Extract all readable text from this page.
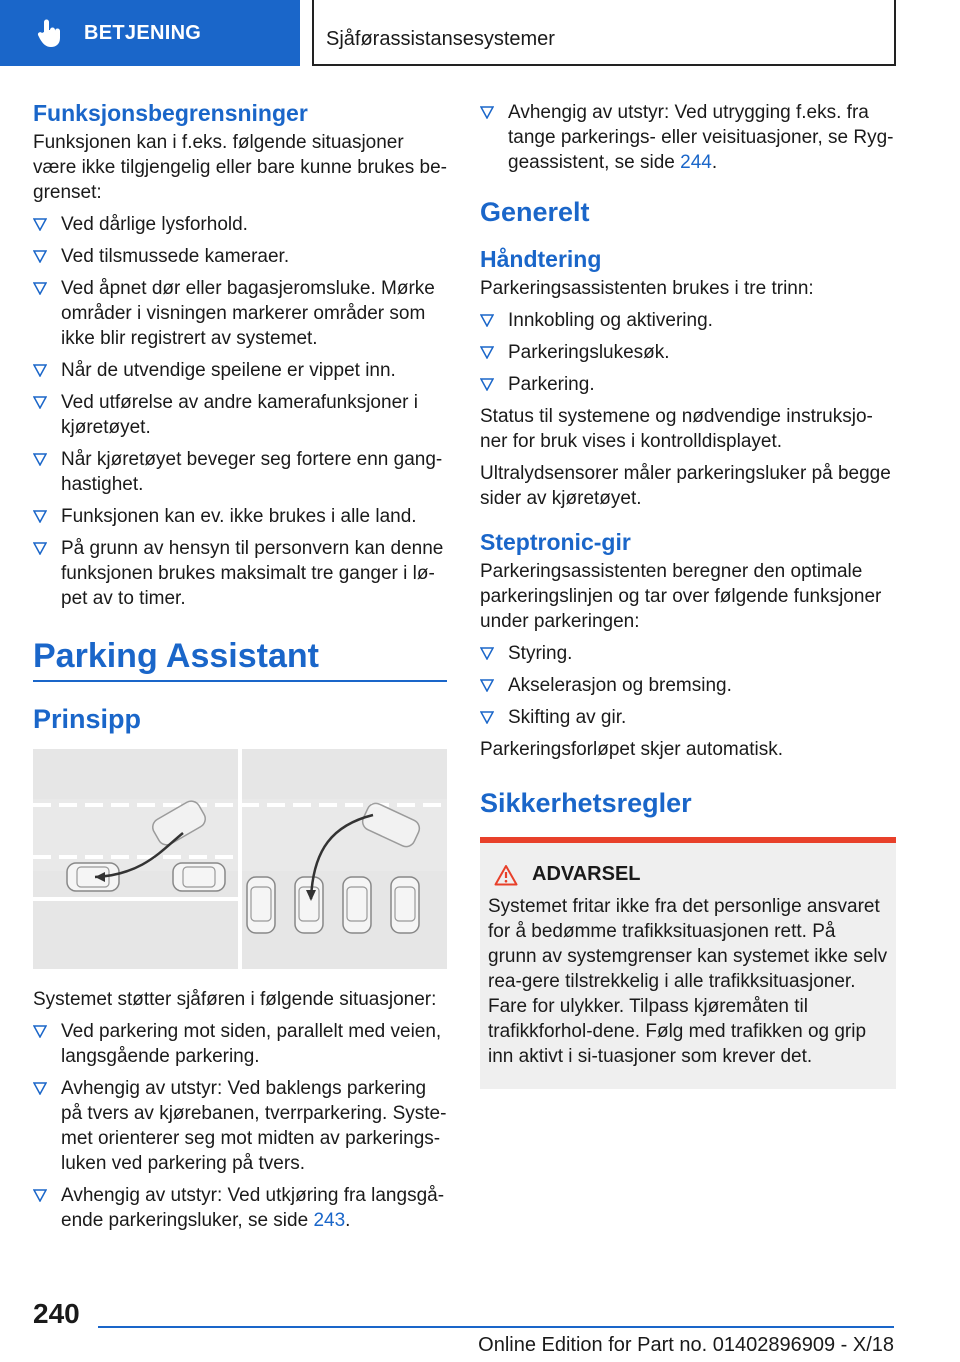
BETJENING	Sjåførassistansesystemer
Funksjonsbegrensninger
Funksjonen kan i f.eks. følgende situasjoner være ikke tilgjengelig eller bare kunne brukes be-grenset:
Ved dårlige lysforhold.
Ved tilsmussede kameraer.
Ved åpnet dør eller bagasjeromsluke. Mørke områder i visningen markerer områder som ikke blir registrert av systemet.
Når de utvendige speilene er vippet inn.
Ved utførelse av andre kamerafunksjoner i kjøretøyet.
Når kjøretøyet beveger seg fortere enn gang-hastighet.
Funksjonen kan ev. ikke brukes i alle land.
På grunn av hensyn til personvern kan denne funksjonen brukes maksimalt tre ganger i lø-pet av to timer.
Parking Assistant
Prinsipp
Systemet støtter sjåføren i følgende situasjoner:
Ved parkering mot siden, parallelt med veien, langsgående parkering.
Avhengig av utstyr: Ved baklengs parkering på tvers av kjørebanen, tverrparkering. Syste-met orienterer seg mot midten av parkerings-luken ved parkering på tvers.
Avhengig av utstyr: Ved utkjøring fra langsgå-ende parkeringsluker, se side 243.
Avhengig av utstyr: Ved utrygging f.eks. fra tange parkerings- eller veisituasjoner, se Ryg-geassistent, se side 244.
Generelt
Håndtering
Parkeringsassistenten brukes i tre trinn:
Innkobling og aktivering.
Parkeringslukesøk.
Parkering.
Status til systemene og nødvendige instruksjo-ner for bruk vises i kontrolldisplayet.
Ultralydsensorer måler parkeringsluker på begge sider av kjøretøyet.
Steptronic-gir
Parkeringsassistenten beregner den optimale parkeringslinjen og tar over følgende funksjoner under parkeringen:
Styring.
Akselerasjon og bremsing.
Skifting av gir.
Parkeringsforløpet skjer automatisk.
Sikkerhetsregler
ADVARSEL
Systemet fritar ikke fra det personlige ansvaret for å bedømme trafikksituasjonen rett. På grunn av systemgrenser kan systemet ikke selv rea-gere tilstrekkelig i alle trafikksituasjoner. Fare for ulykker. Tilpass kjøremåten til trafikkforhol-dene. Følg med trafikken og grip inn aktivt i si-tuasjoner som krever det.
240
Online Edition for Part no. 01402896909 - X/18
